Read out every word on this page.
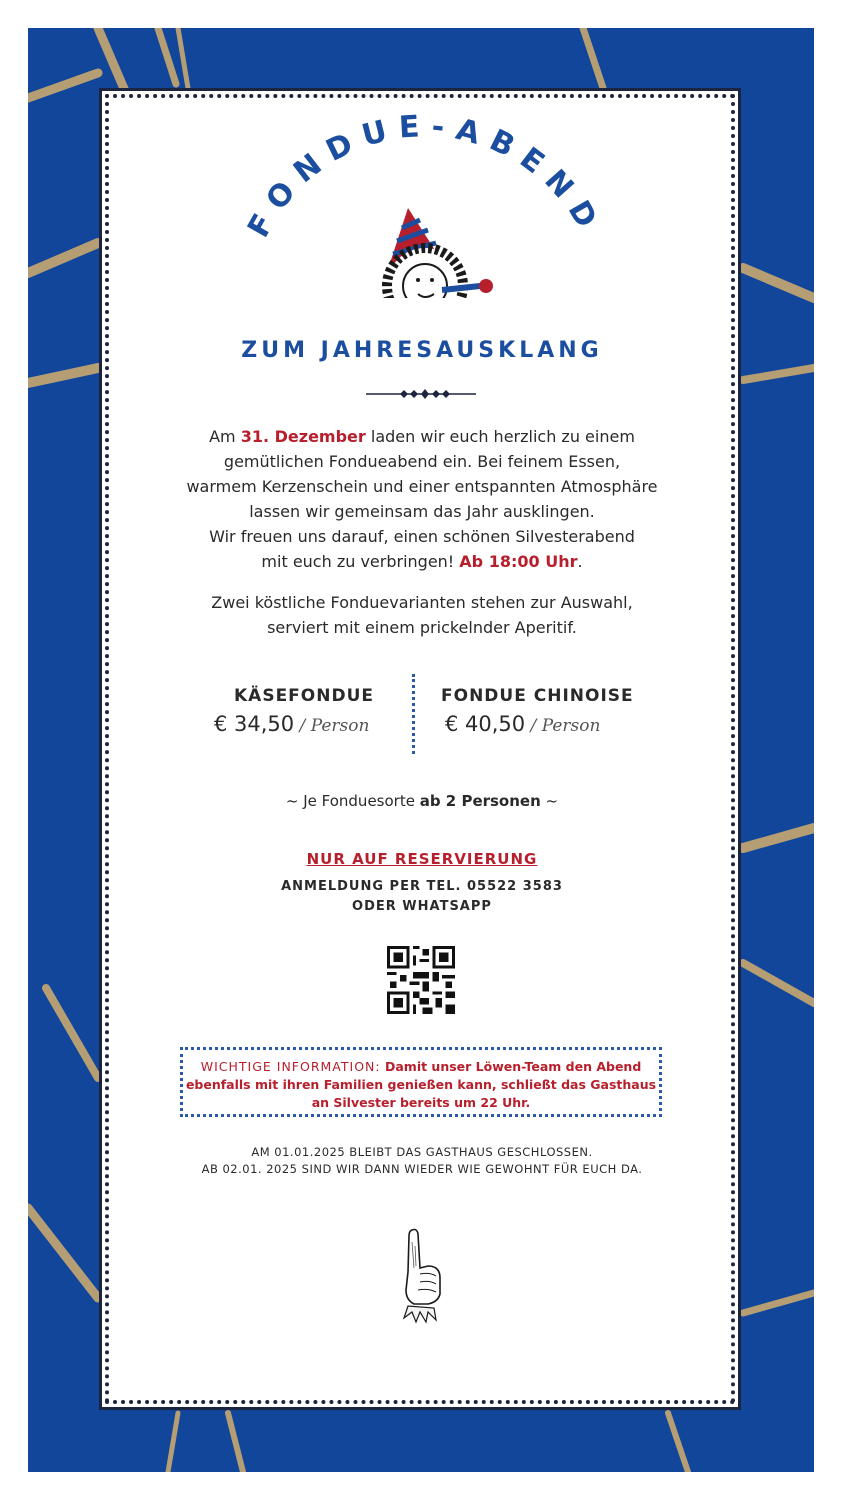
FONDUE-ABEND
ZUM JAHRESAUSKLANG
Am 31. Dezember laden wir euch herzlich zu einem
gemütlichen Fondueabend ein. Bei feinem Essen,
warmem Kerzenschein und einer entspannten Atmosphäre
lassen wir gemeinsam das Jahr ausklingen.
Wir freuen uns darauf, einen schönen Silvesterabend
mit euch zu verbringen! Ab 18:00 Uhr.
Zwei köstliche Fonduevarianten stehen zur Auswahl,
serviert mit einem prickelnder Aperitif.
KÄSEFONDUE
€ 34,50 / Person
FONDUE CHINOISE
€ 40,50 / Person
~ Je Fonduesorte ab 2 Personen ~
NUR AUF RESERVIERUNG
ANMELDUNG PER TEL. 05522 3583
ODER WHATSAPP
WICHTIGE INFORMATION: Damit unser Löwen-Team den Abend
ebenfalls mit ihren Familien genießen kann, schließt das Gasthaus
an Silvester bereits um 22 Uhr.
AM 01.01.2025 BLEIBT DAS GASTHAUS GESCHLOSSEN.
AB 02.01. 2025 SIND WIR DANN WIEDER WIE GEWOHNT FÜR EUCH DA.
